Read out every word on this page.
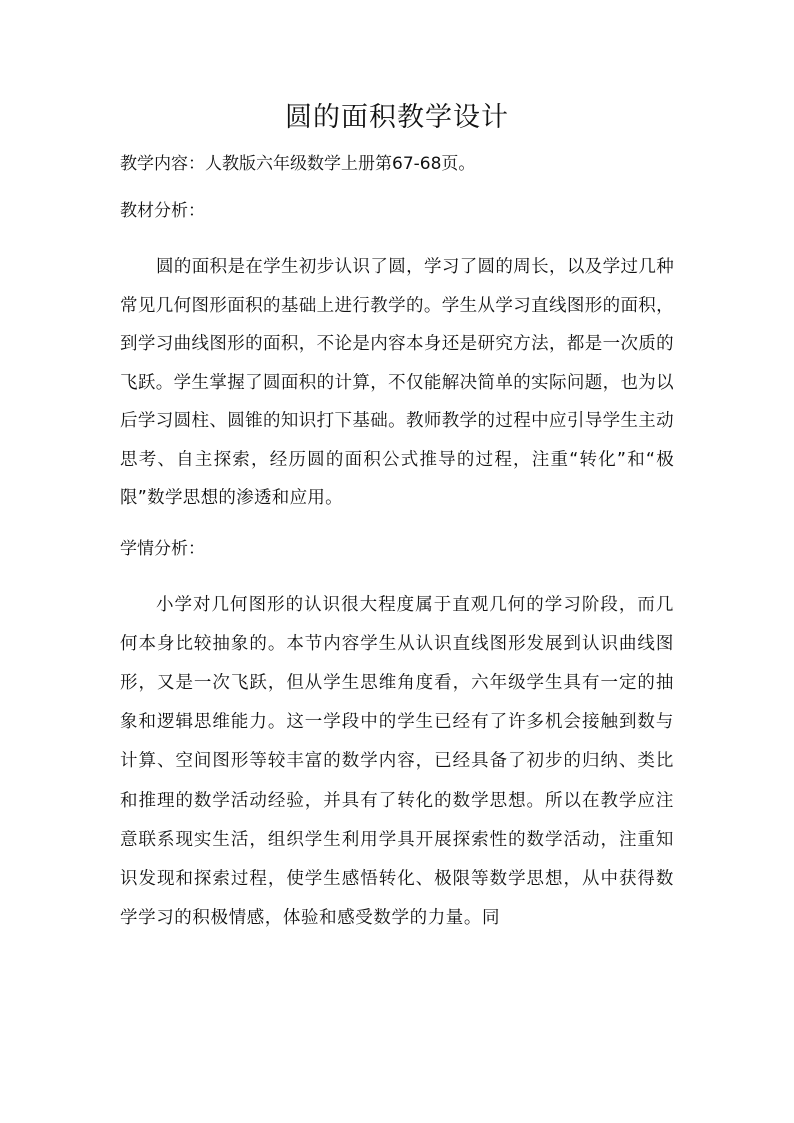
圆的面积教学设计

教学内容：人教版六年级数学上册第67-68页。

教材分析：

圆的面积是在学生初步认识了圆，学习了圆的周长，以及学过几种常见几何图形面积的基础上进行教学的。学生从学习直线图形的面积，到学习曲线图形的面积，不论是内容本身还是研究方法，都是一次质的飞跃。学生掌握了圆面积的计算，不仅能解决简单的实际问题，也为以后学习圆柱、圆锥的知识打下基础。教师教学的过程中应引导学生主动思考、自主探索，经历圆的面积公式推导的过程，注重“转化”和“极限”数学思想的渗透和应用。

学情分析：

小学对几何图形的认识很大程度属于直观几何的学习阶段，而几何本身比较抽象的。本节内容学生从认识直线图形发展到认识曲线图形，又是一次飞跃，但从学生思维角度看，六年级学生具有一定的抽象和逻辑思维能力。这一学段中的学生已经有了许多机会接触到数与计算、空间图形等较丰富的数学内容，已经具备了初步的归纳、类比和推理的数学活动经验，并具有了转化的数学思想。所以在教学应注意联系现实生活，组织学生利用学具开展探索性的数学活动，注重知识发现和探索过程，使学生感悟转化、极限等数学思想，从中获得数学学习的积极情感，体验和感受数学的力量。同
